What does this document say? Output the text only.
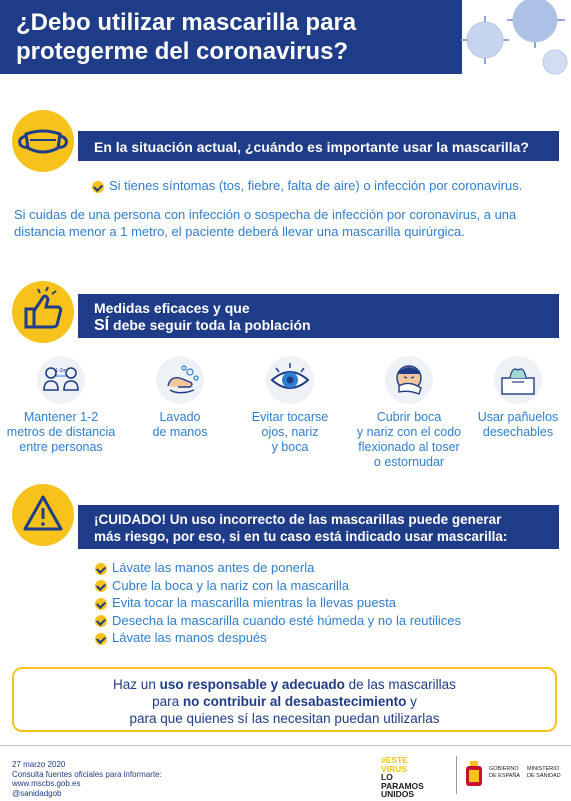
¿Debo utilizar mascarilla para
protegerme del coronavirus?
En la situación actual, ¿cuándo es importante usar la mascarilla?
Si tienes síntomas (tos, fiebre, falta de aire) o infección por coronavirus.
Si cuidas de una persona con infección o sospecha de infección por coronavirus, a una
distancia menor a 1 metro, el paciente deberá llevar una mascarilla quirúrgica.
Medidas eficaces y que
SÍ debe seguir toda la población
1-2m
Mantener 1-2
metros de distancia
entre personas
Lavado
de manos
Evitar tocarse
ojos, nariz
y boca
Cubrir boca
y nariz con el codo
flexionado al toser
o estornudar
Usar pañuelos
desechables
¡CUIDADO! Un uso incorrecto de las mascarillas puede generar
más riesgo, por eso, si en tu caso está indicado usar mascarilla:
Lávate las manos antes de ponerla
Cubre la boca y la nariz con la mascarilla
Evita tocar la mascarilla mientras la llevas puesta
Desecha la mascarilla cuando esté húmeda y no la reutilices
Lávate las manos después
Haz un uso responsable y adecuado de las mascarillas
para no contribuir al desabastecimiento y
para que quienes sí las necesitan puedan utilizarlas
27 marzo 2020
Consulta fuentes oficiales para informarte:
www.mscbs.gob.es
@sanidadgob
#ESTE
VIRUS
LO
PARAMOS
UNIDOS
GOBIERNO
DE ESPAÑA
MINISTERIO
DE SANIDAD
